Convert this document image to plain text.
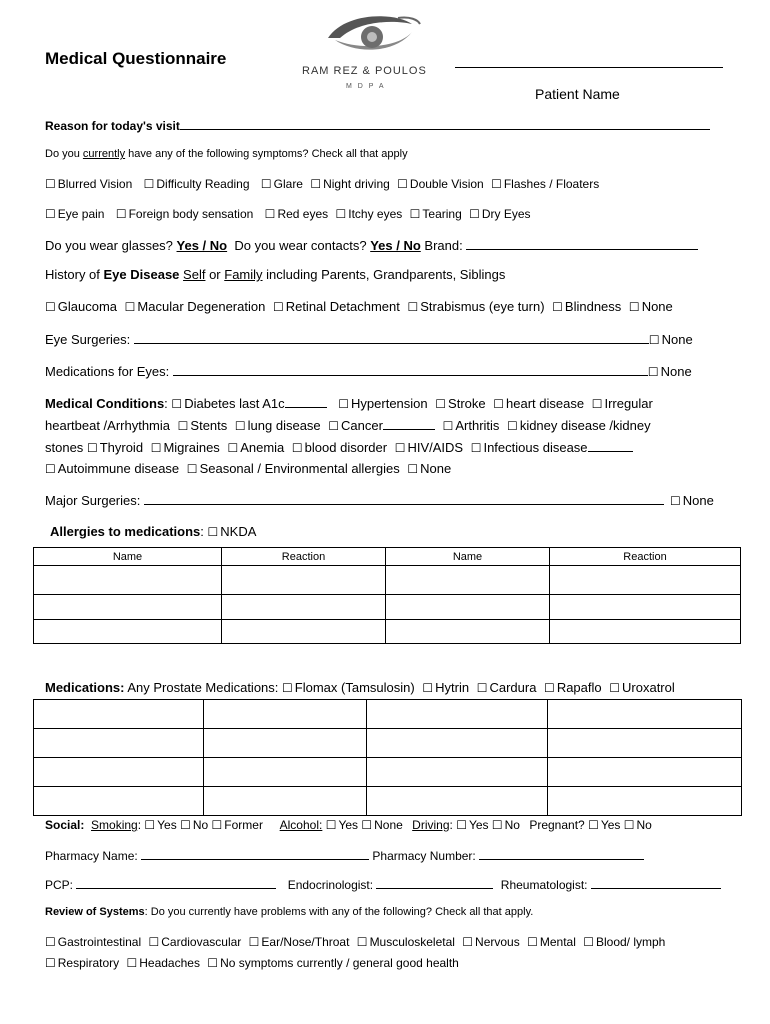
Medical Questionnaire
RAM REZ & POULOS
M D P A	Patient Name
Reason for today's visit
Do you currently have any of the following symptoms? Check all that apply
☐ Blurred Vision ☐ Difficulty Reading ☐ Glare ☐ Night driving ☐ Double Vision ☐ Flashes / Floaters
☐ Eye pain ☐ Foreign body sensation ☐ Red eyes ☐ Itchy eyes ☐ Tearing ☐ Dry Eyes
Do you wear glasses? Yes / No Do you wear contacts? Yes / No Brand:
History of Eye Disease Self or Family including Parents, Grandparents, Siblings
☐ Glaucoma ☐ Macular Degeneration ☐ Retinal Detachment ☐ Strabismus (eye turn) ☐ Blindness ☐ None
Eye Surgeries:	☐ None
Medications for Eyes:	☐ None
Medical Conditions: ☐ Diabetes last A1c	☐ Hypertension ☐ Stroke ☐ heart disease ☐ Irregular
heartbeat /Arrhythmia ☐ Stents ☐ lung disease ☐ Cancer	☐ Arthritis ☐ kidney disease /kidney
stones ☐ Thyroid ☐ Migraines ☐ Anemia ☐ blood disorder ☐ HIV/AIDS ☐ Infectious disease
☐ Autoimmune disease ☐ Seasonal / Environmental allergies ☐ None
Major Surgeries:	☐ None
Allergies to medications: ☐ NKDA
Name	Reaction	Name	Reaction

Medications: Any Prostate Medications: ☐ Flomax (Tamsulosin) ☐ Hytrin ☐ Cardura ☐ Rapaflo ☐ Uroxatrol

Social: Smoking: ☐ Yes ☐ No ☐ Former Alcohol: ☐ Yes ☐ None Driving: ☐ Yes ☐ No Pregnant? ☐ Yes ☐ No
Pharmacy Name:	Pharmacy Number:
PCP:	Endocrinologist:	Rheumatologist:
Review of Systems: Do you currently have problems with any of the following? Check all that apply.
☐ Gastrointestinal ☐ Cardiovascular ☐ Ear/Nose/Throat ☐ Musculoskeletal ☐ Nervous ☐ Mental ☐ Blood/ lymph
☐ Respiratory ☐ Headaches ☐ No symptoms currently / general good health
